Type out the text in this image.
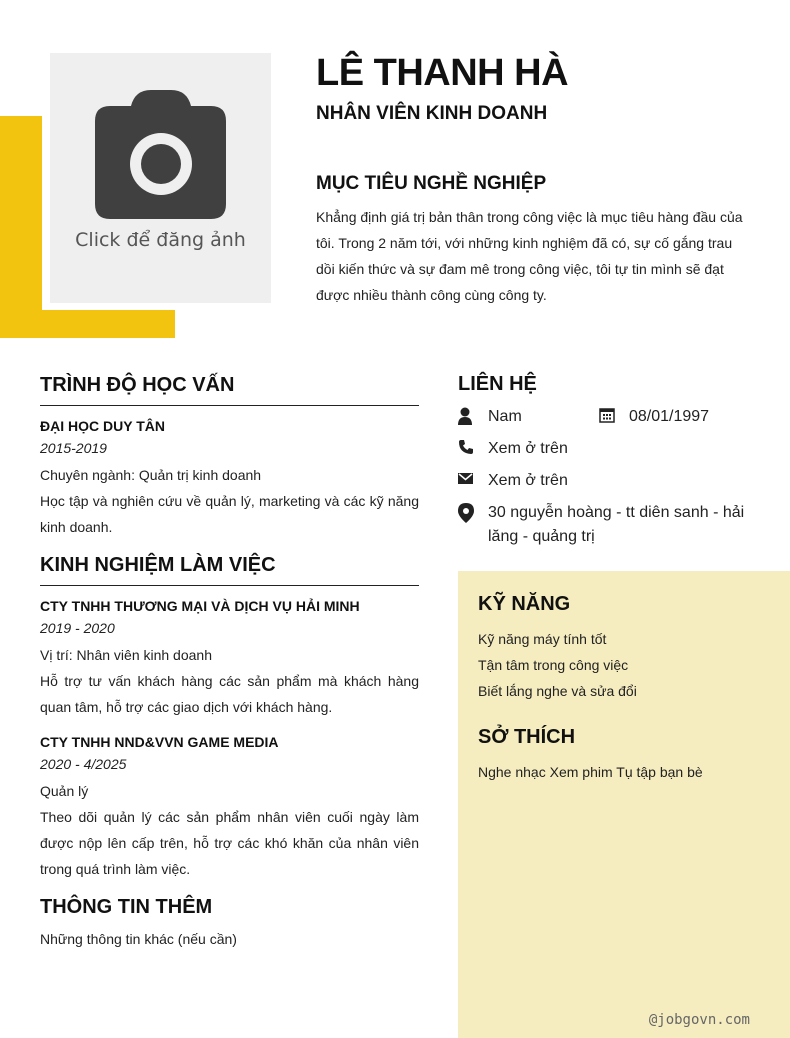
Click để đăng ảnh
LÊ THANH HÀ
NHÂN VIÊN KINH DOANH
MỤC TIÊU NGHỀ NGHIỆP
Khẳng định giá trị bản thân trong công việc là mục tiêu hàng đầu của tôi. Trong 2 năm tới, với những kinh nghiệm đã có, sự cố gắng trau dồi kiến thức và sự đam mê trong công việc, tôi tự tin mình sẽ đạt được nhiều thành công cùng công ty.
TRÌNH ĐỘ HỌC VẤN
ĐẠI HỌC DUY TÂN
2015-2019
Chuyên ngành: Quản trị kinh doanh
Học tập và nghiên cứu về quản lý, marketing và các kỹ năng kinh doanh.
KINH NGHIỆM LÀM VIỆC
CTY TNHH THƯƠNG MẠI VÀ DỊCH VỤ HẢI MINH
2019 - 2020
Vị trí: Nhân viên kinh doanh
Hỗ trợ tư vấn khách hàng các sản phẩm mà khách hàng quan tâm, hỗ trợ các giao dịch với khách hàng.
CTY TNHH NND&VVN GAME MEDIA
2020 - 4/2025
Quản lý
Theo dõi quản lý các sản phẩm nhân viên cuối ngày làm được nộp lên cấp trên, hỗ trợ các khó khăn của nhân viên trong quá trình làm việc.
THÔNG TIN THÊM
Những thông tin khác (nếu cần)
LIÊN HỆ
Nam	08/01/1997
Xem ở trên
Xem ở trên
30 nguyễn hoàng - tt diên sanh - hải lăng - quảng trị
KỸ NĂNG
Kỹ năng máy tính tốt
Tận tâm trong công việc
Biết lắng nghe và sửa đổi
SỞ THÍCH
Nghe nhạc Xem phim Tụ tập bạn bè
@jobgovn.com
